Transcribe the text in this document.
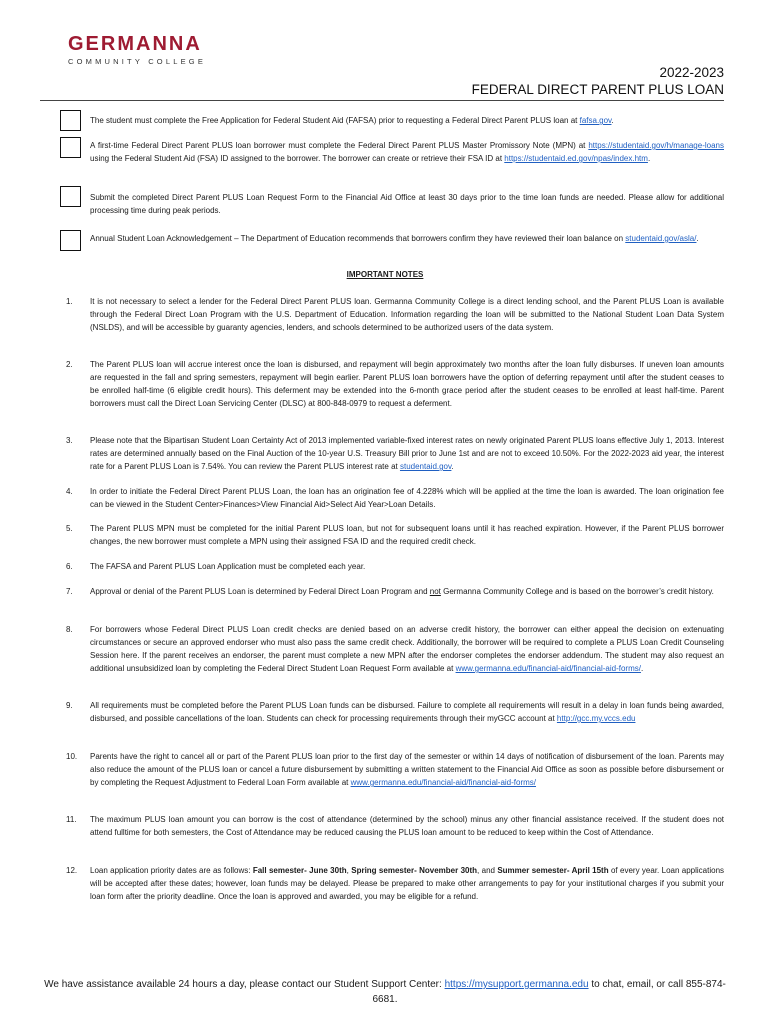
GERMANNA
COMMUNITY COLLEGE
2022-2023
FEDERAL DIRECT PARENT PLUS LOAN
The student must complete the Free Application for Federal Student Aid (FAFSA) prior to requesting a Federal Direct Parent PLUS loan at fafsa.gov.
A first-time Federal Direct Parent PLUS loan borrower must complete the Federal Direct Parent PLUS Master Promissory Note (MPN) at https://studentaid.gov/h/manage-loans using the Federal Student Aid (FSA) ID assigned to the borrower. The borrower can create or retrieve their FSA ID at https://studentaid.ed.gov/npas/index.htm.
Submit the completed Direct Parent PLUS Loan Request Form to the Financial Aid Office at least 30 days prior to the time loan funds are needed. Please allow for additional processing time during peak periods.
Annual Student Loan Acknowledgement – The Department of Education recommends that borrowers confirm they have reviewed their loan balance on studentaid.gov/asla/.
IMPORTANT NOTES
1.	It is not necessary to select a lender for the Federal Direct Parent PLUS loan. Germanna Community College is a direct lending school, and the Parent PLUS Loan is available through the Federal Direct Loan Program with the U.S. Department of Education. Information regarding the loan will be submitted to the National Student Loan Data System (NSLDS), and will be accessible by guaranty agencies, lenders, and schools determined to be authorized users of the data system.
2.	The Parent PLUS loan will accrue interest once the loan is disbursed, and repayment will begin approximately two months after the loan fully disburses. If uneven loan amounts are requested in the fall and spring semesters, repayment will begin earlier. Parent PLUS loan borrowers have the option of deferring repayment until after the student ceases to be enrolled half-time (6 eligible credit hours). This deferment may be extended into the 6-month grace period after the student ceases to be enrolled at least half-time. Parent borrowers must call the Direct Loan Servicing Center (DLSC) at 800-848-0979 to request a deferment.
3.	Please note that the Bipartisan Student Loan Certainty Act of 2013 implemented variable-fixed interest rates on newly originated Parent PLUS loans effective July 1, 2013. Interest rates are determined annually based on the Final Auction of the 10-year U.S. Treasury Bill prior to June 1st and are not to exceed 10.50%. For the 2022-2023 aid year, the interest rate for a Parent PLUS Loan is 7.54%. You can review the Parent PLUS interest rate at studentaid.gov.
4.	In order to initiate the Federal Direct Parent PLUS Loan, the loan has an origination fee of 4.228% which will be applied at the time the loan is awarded. The loan origination fee can be viewed in the Student Center>Finances>View Financial Aid>Select Aid Year>Loan Details.
5.	The Parent PLUS MPN must be completed for the initial Parent PLUS loan, but not for subsequent loans until it has reached expiration. However, if the Parent PLUS borrower changes, the new borrower must complete a MPN using their assigned FSA ID and the required credit check.
6.	The FAFSA and Parent PLUS Loan Application must be completed each year.
7.	Approval or denial of the Parent PLUS Loan is determined by Federal Direct Loan Program and not Germanna Community College and is based on the borrower’s credit history.
8.	For borrowers whose Federal Direct PLUS Loan credit checks are denied based on an adverse credit history, the borrower can either appeal the decision on extenuating circumstances or secure an approved endorser who must also pass the same credit check. Additionally, the borrower will be required to complete a PLUS Loan Credit Counseling Session here. If the parent receives an endorser, the parent must complete a new MPN after the endorser completes the endorser addendum. The student may also request an additional unsubsidized loan by completing the Federal Direct Student Loan Request Form available at www.germanna.edu/financial-aid/financial-aid-forms/.
9.	All requirements must be completed before the Parent PLUS Loan funds can be disbursed. Failure to complete all requirements will result in a delay in loan funds being awarded, disbursed, and possible cancellations of the loan. Students can check for processing requirements through their myGCC account at http://gcc.my.vccs.edu
10.	Parents have the right to cancel all or part of the Parent PLUS loan prior to the first day of the semester or within 14 days of notification of disbursement of the loan. Parents may also reduce the amount of the PLUS loan or cancel a future disbursement by submitting a written statement to the Financial Aid Office as soon as possible before disbursement or by completing the Request Adjustment to Federal Loan Form available at www.germanna.edu/financial-aid/financial-aid-forms/
11.	The maximum PLUS loan amount you can borrow is the cost of attendance (determined by the school) minus any other financial assistance received. If the student does not attend fulltime for both semesters, the Cost of Attendance may be reduced causing the PLUS loan amount to be reduced to keep within the Cost of Attendance.
12.	Loan application priority dates are as follows: Fall semester- June 30th, Spring semester- November 30th, and Summer semester- April 15th of every year. Loan applications will be accepted after these dates; however, loan funds may be delayed. Please be prepared to make other arrangements to pay for your institutional charges if you submit your loan form after the priority deadline. Once the loan is approved and awarded, you may be eligible for a refund.
We have assistance available 24 hours a day, please contact our Student Support Center: https://mysupport.germanna.edu to chat, email, or call 855-874-6681.
